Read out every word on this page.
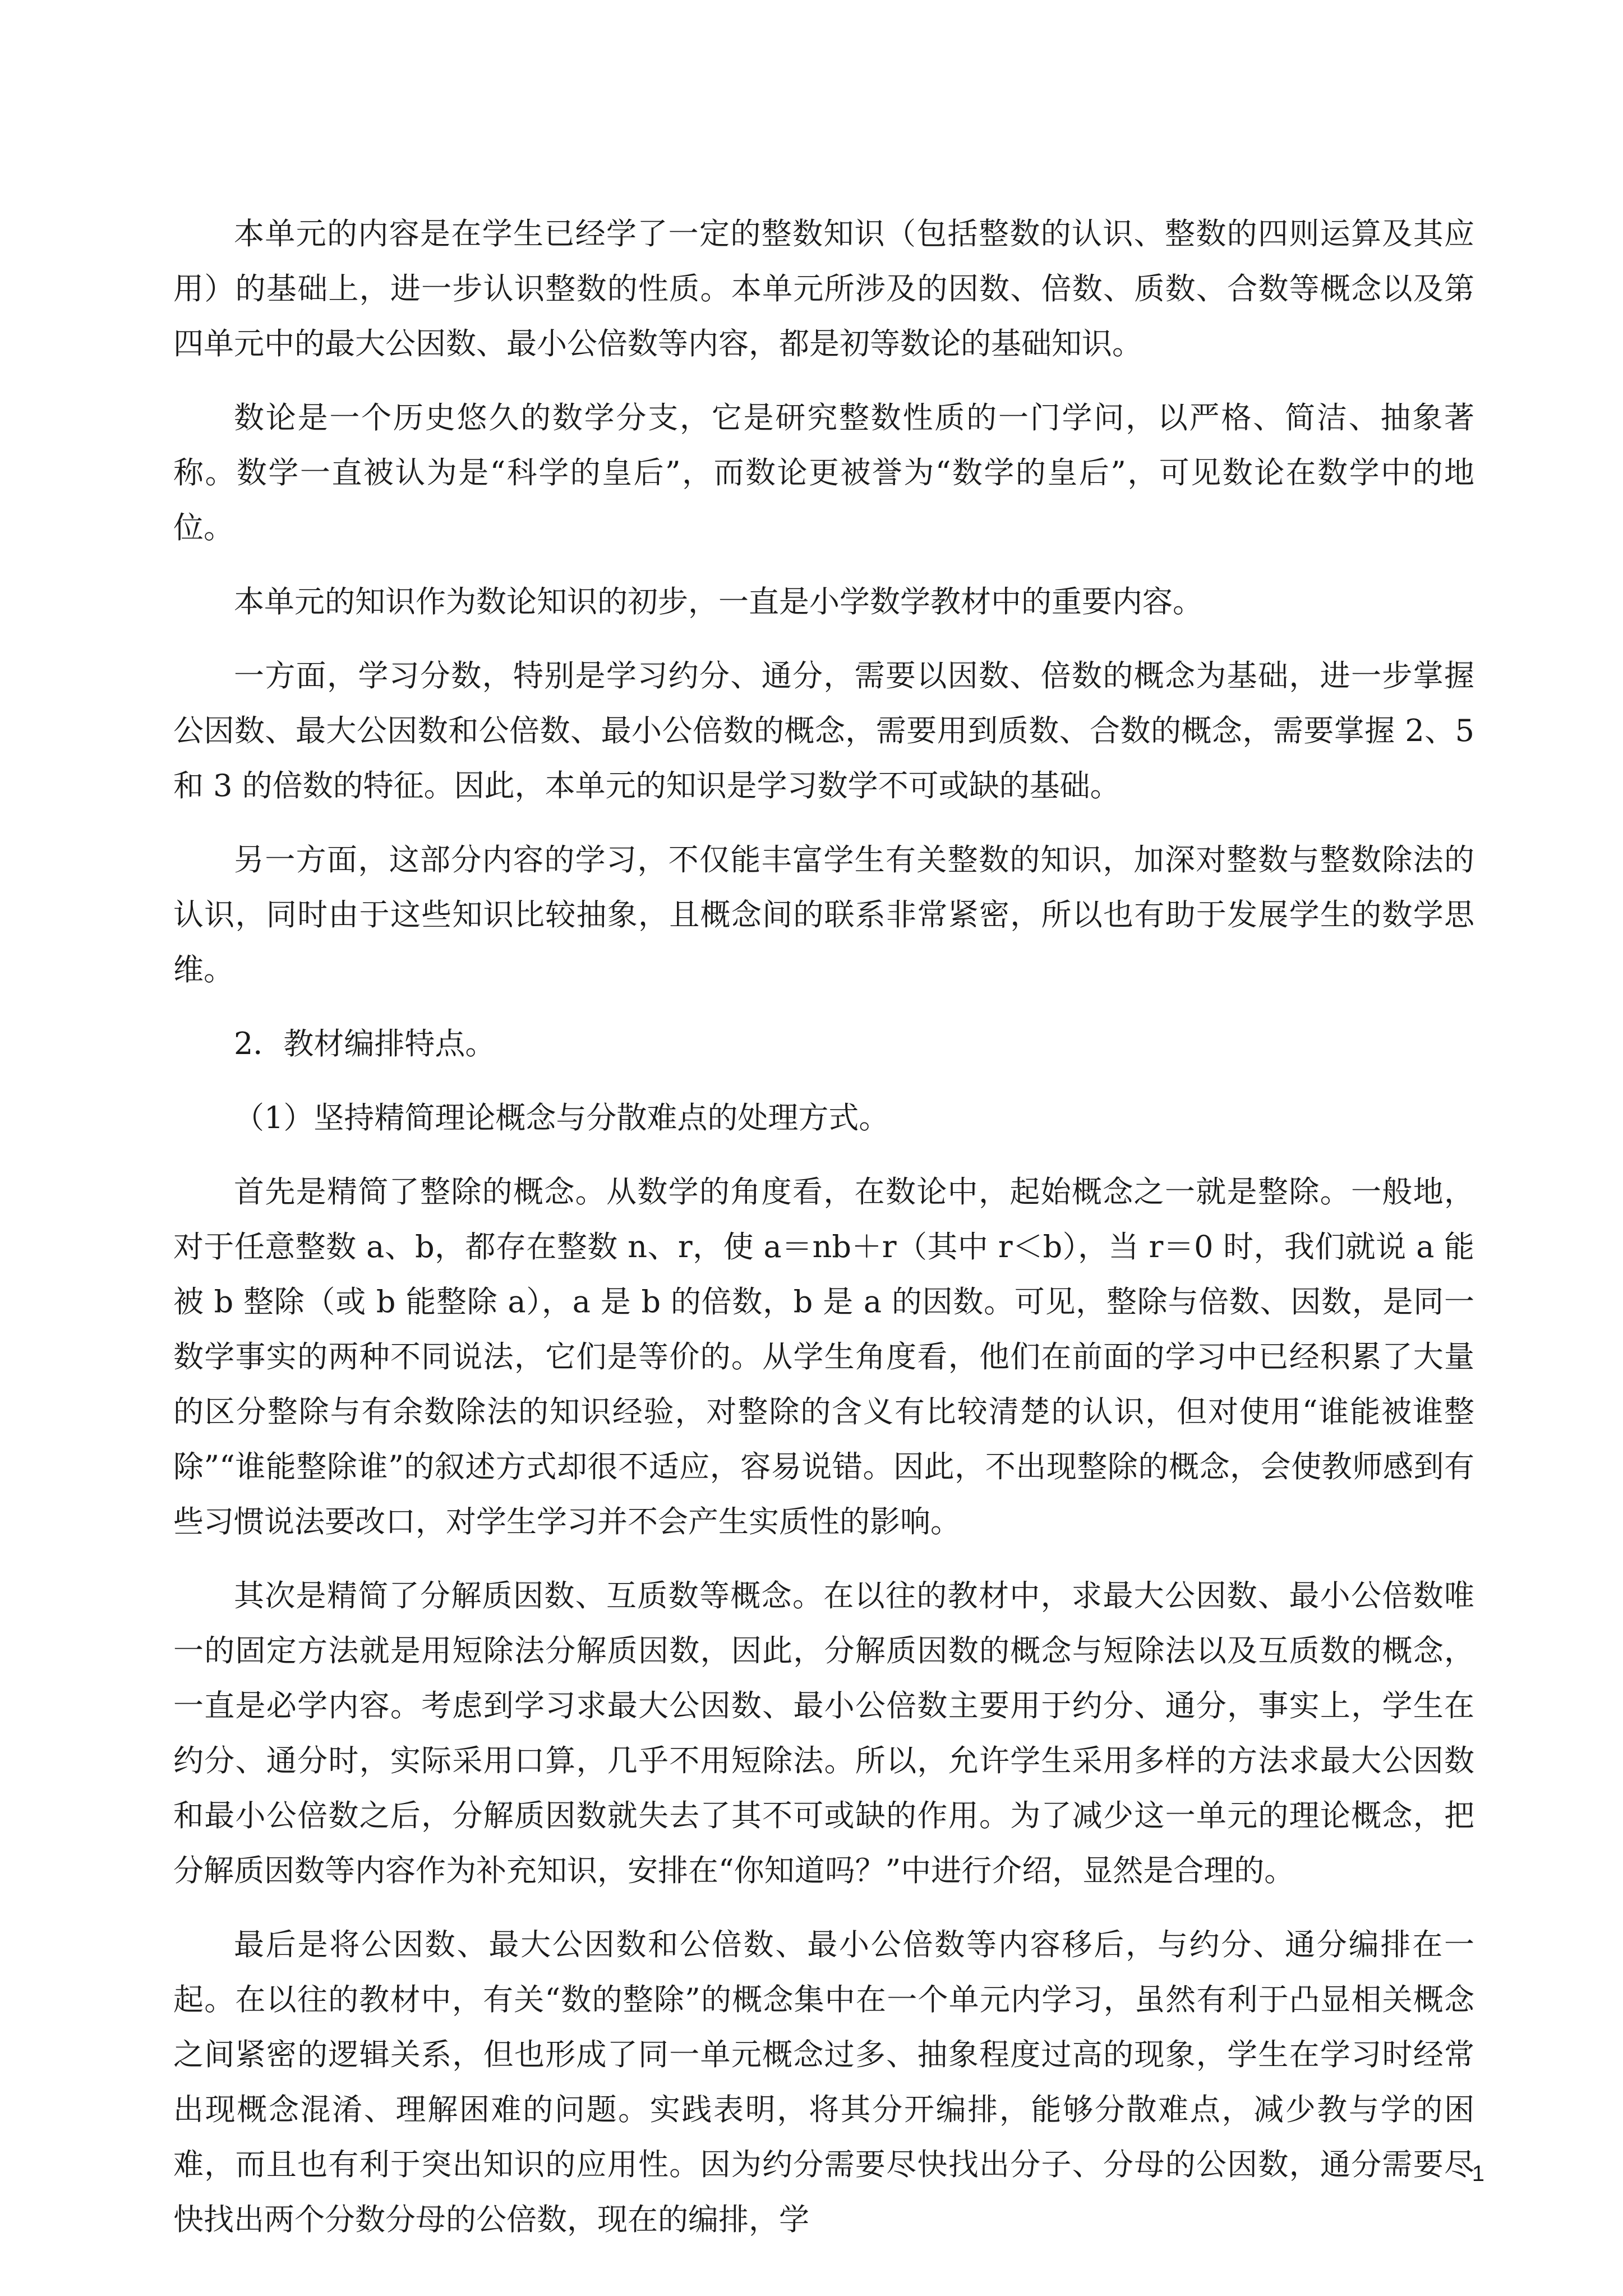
本单元的内容是在学生已经学了一定的整数知识（包括整数的认识、整数的四则运算及其应用）的基础上，进一步认识整数的性质。本单元所涉及的因数、倍数、质数、合数等概念以及第四单元中的最大公因数、最小公倍数等内容，都是初等数论的基础知识。

数论是一个历史悠久的数学分支，它是研究整数性质的一门学问，以严格、简洁、抽象著称。数学一直被认为是“科学的皇后”，而数论更被誉为“数学的皇后”，可见数论在数学中的地位。

本单元的知识作为数论知识的初步，一直是小学数学教材中的重要内容。

一方面，学习分数，特别是学习约分、通分，需要以因数、倍数的概念为基础，进一步掌握公因数、最大公因数和公倍数、最小公倍数的概念，需要用到质数、合数的概念，需要掌握 2、5 和 3 的倍数的特征。因此，本单元的知识是学习数学不可或缺的基础。

另一方面，这部分内容的学习，不仅能丰富学生有关整数的知识，加深对整数与整数除法的认识，同时由于这些知识比较抽象，且概念间的联系非常紧密，所以也有助于发展学生的数学思维。

2．教材编排特点。

（1）坚持精简理论概念与分散难点的处理方式。

首先是精简了整除的概念。从数学的角度看，在数论中，起始概念之一就是整除。一般地，对于任意整数 a、b，都存在整数 n、r，使 a＝nb＋r（其中 r＜b），当 r＝0 时，我们就说 a 能被 b 整除（或 b 能整除 a），a 是 b 的倍数，b 是 a 的因数。可见，整除与倍数、因数，是同一数学事实的两种不同说法，它们是等价的。从学生角度看，他们在前面的学习中已经积累了大量的区分整除与有余数除法的知识经验，对整除的含义有比较清楚的认识，但对使用“谁能被谁整除”“谁能整除谁”的叙述方式却很不适应，容易说错。因此，不出现整除的概念，会使教师感到有些习惯说法要改口，对学生学习并不会产生实质性的影响。

其次是精简了分解质因数、互质数等概念。在以往的教材中，求最大公因数、最小公倍数唯一的固定方法就是用短除法分解质因数，因此，分解质因数的概念与短除法以及互质数的概念，一直是必学内容。考虑到学习求最大公因数、最小公倍数主要用于约分、通分，事实上，学生在约分、通分时，实际采用口算，几乎不用短除法。所以，允许学生采用多样的方法求最大公因数和最小公倍数之后，分解质因数就失去了其不可或缺的作用。为了减少这一单元的理论概念，把分解质因数等内容作为补充知识，安排在“你知道吗？”中进行介绍，显然是合理的。

最后是将公因数、最大公因数和公倍数、最小公倍数等内容移后，与约分、通分编排在一起。在以往的教材中，有关“数的整除”的概念集中在一个单元内学习，虽然有利于凸显相关概念之间紧密的逻辑关系，但也形成了同一单元概念过多、抽象程度过高的现象，学生在学习时经常出现概念混淆、理解困难的问题。实践表明，将其分开编排，能够分散难点，减少教与学的困难，而且也有利于突出知识的应用性。因为约分需要尽快找出分子、分母的公因数，通分需要尽快找出两个分数分母的公倍数，现在的编排，学

1
